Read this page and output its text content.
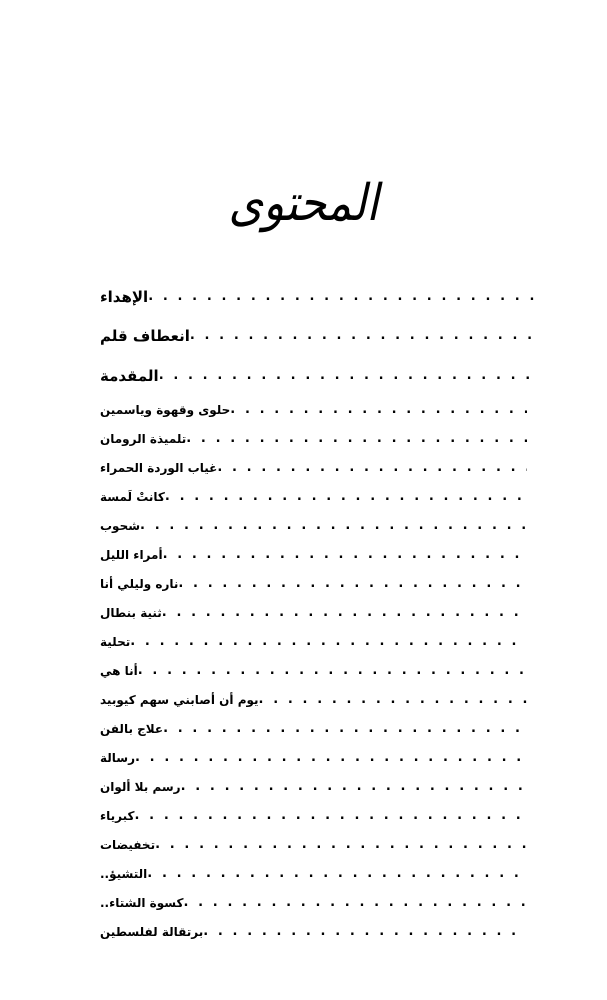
المحتوى
الإهداء
. . .
انعطاف قلم
. . .
المقدمة
. . .
حلوى وقهوة وياسمين
. . .
تلميذة الرومان
. . .
غياب الوردة الحمراء
. . .
كانتْ لَمسة
. . .
شحوب
. . .
أمراء الليل
. . .
ناره وليلي أنا
. . .
ثنية بنطال
. . .
تحلية
. . .
أنا هي
. . .
يوم أن أصابني سهم كيوبيد
. . .
علاج بالفن
. . .
رسالة
. . .
رسم بلا ألوان
. . .
كبرياء
. . .
تخفيضات
. . .
التشيؤ..
. . .
كسوة الشتاء..
. . .
برتقالة لفلسطين
. . .
